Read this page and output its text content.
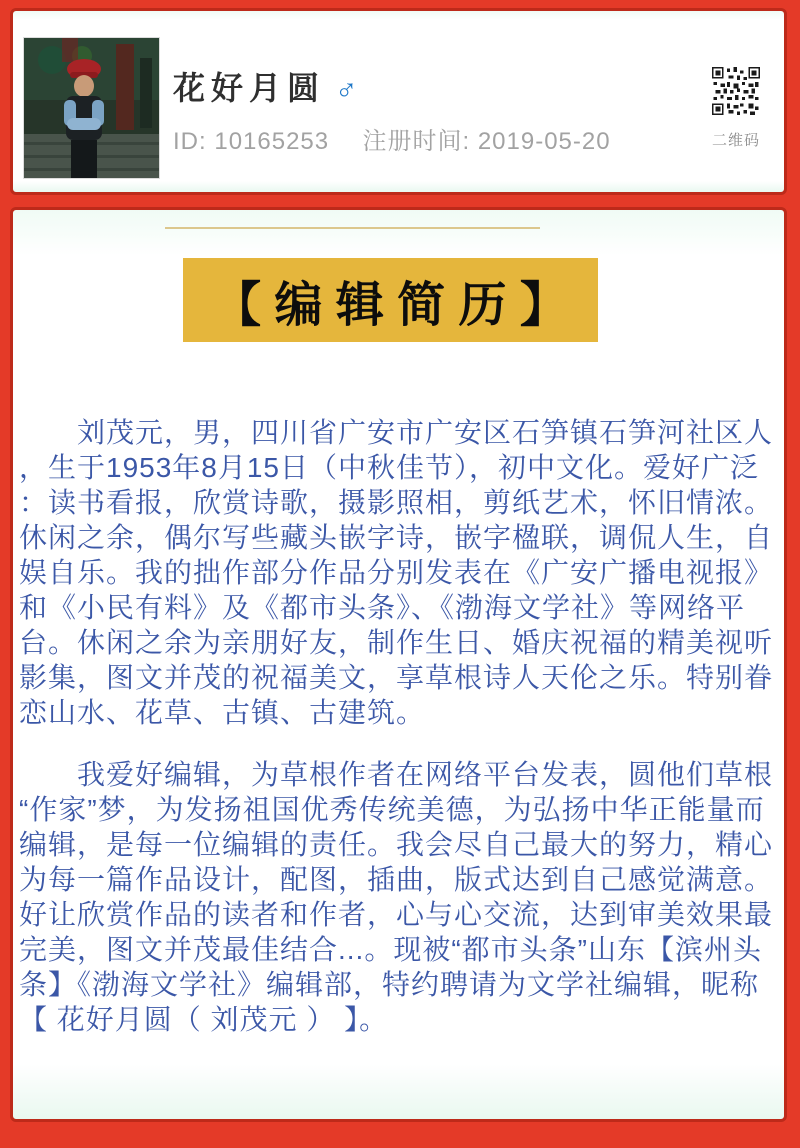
花好月圆 ♂
ID: 10165253 注册时间: 2019-05-20	二维码
【 编 辑 简 历 】
　　刘茂元，男，四川省广安市广安区石笋镇石笋河社区人
，生于1953年8月15日（中秋佳节），初中文化。爱好广泛
：读书看报，欣赏诗歌，摄影照相，剪纸艺术，怀旧情浓。
休闲之余，偶尔写些藏头嵌字诗，嵌字楹联，调侃人生，自
娱自乐。我的拙作部分作品分别发表在《广安广播电视报》
和《小民有料》及《都市头条》、《渤海文学社》等网络平
台。休闲之余为亲朋好友，制作生日、婚庆祝福的精美视听
影集，图文并茂的祝福美文，享草根诗人天伦之乐。特别眷
恋山水、花草、古镇、古建筑。
　　我爱好编辑，为草根作者在网络平台发表，圆他们草根
“作家”梦，为发扬祖国优秀传统美德，为弘扬中华正能量而
编辑，是每一位编辑的责任。我会尽自己最大的努力，精心
为每一篇作品设计，配图，插曲，版式达到自己感觉满意。
好让欣赏作品的读者和作者，心与心交流，达到审美效果最
完美，图文并茂最佳结合...。现被“都市头条”山东【滨州头
条】《渤海文学社》编辑部，特约聘请为文学社编辑，昵称
【 花好月圆（ 刘茂元 ） 】。
